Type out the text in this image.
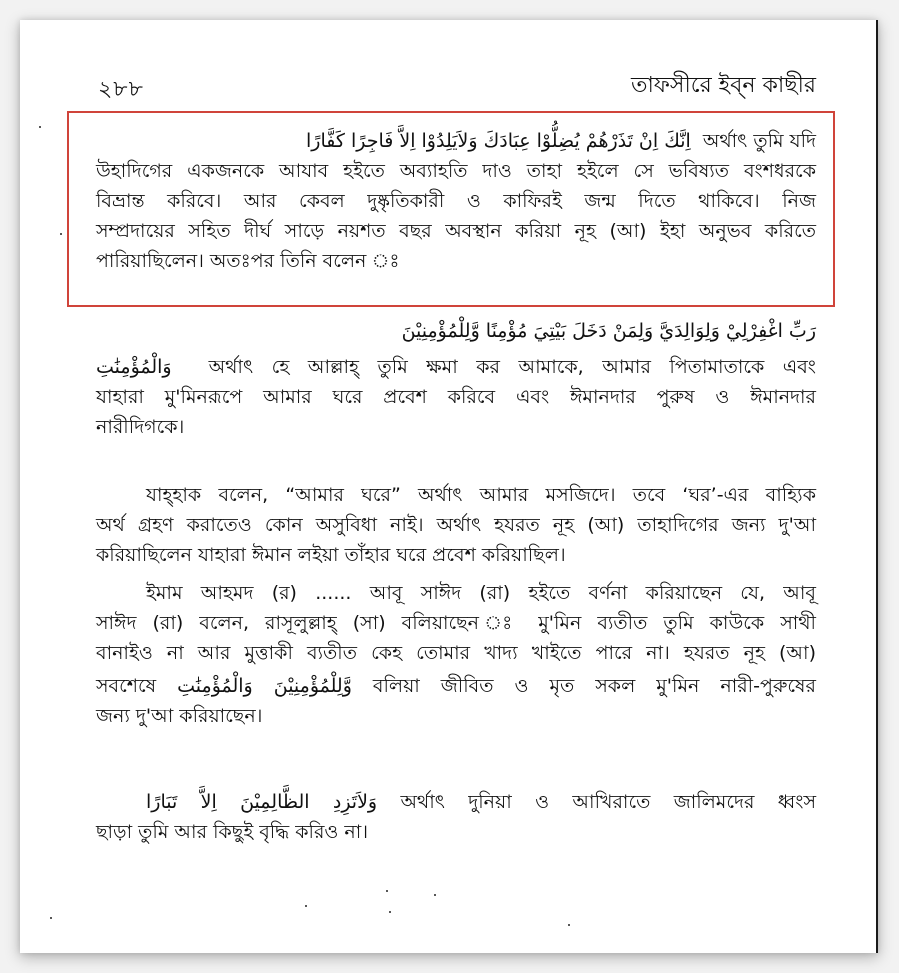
২৮৮	তাফসীরে ইব্ন কাছীর
اِنَّكَ اِنْ تَذَرْهُمْ يُضِلُّوْا عِبَادَكَ وَلاَيَلِدُوْا اِلاَّ فَاجِرًا كَفَّارًا অর্থাৎ তুমি যদি
উহাদিগের একজনকে আযাব হইতে অব্যাহতি দাও তাহা হইলে সে ভবিষ্যত বংশধরকে
বিভ্রান্ত করিবে। আর কেবল দুষ্কৃতিকারী ও কাফিরই জন্ম দিতে থাকিবে। নিজ
সম্প্রদায়ের সহিত দীর্ঘ সাড়ে নয়শত বছর অবস্থান করিয়া নূহ (আ) ইহা অনুভব করিতে
পারিয়াছিলেন। অতঃপর তিনি বলেন ঃ
رَبِّ اغْفِرْلِيْ وَلِوَالِدَيَّ وَلِمَنْ دَخَلَ بَيْتِيَ مُؤْمِنًا وَّلِلْمُؤْمِنِيْنَ
وَالْمُؤْمِنَٰتِ অর্থাৎ হে আল্লাহ্ তুমি ক্ষমা কর আমাকে, আমার পিতামাতাকে এবং
যাহারা মু'মিনরূপে আমার ঘরে প্রবেশ করিবে এবং ঈমানদার পুরুষ ও ঈমানদার
নারীদিগকে।
যাহ্হাক বলেন, “আমার ঘরে” অর্থাৎ আমার মসজিদে। তবে ‘ঘর’-এর বাহ্যিক
অর্থ গ্রহণ করাতেও কোন অসুবিধা নাই। অর্থাৎ হযরত নূহ (আ) তাহাদিগের জন্য দু'আ
করিয়াছিলেন যাহারা ঈমান লইয়া তাঁহার ঘরে প্রবেশ করিয়াছিল।
ইমাম আহমদ (র) ...... আবূ সাঈদ (রা) হইতে বর্ণনা করিয়াছেন যে, আবূ
সাঈদ (রা) বলেন, রাসূলুল্লাহ্ (সা) বলিয়াছেন ঃ মু'মিন ব্যতীত তুমি কাউকে সাথী
বানাইও না আর মুত্তাকী ব্যতীত কেহ তোমার খাদ্য খাইতে পারে না। হযরত নূহ (আ)
সবশেষে وَّلِلْمُؤْمِنِيْنَ وَالْمُؤْمِنَٰتِ বলিয়া জীবিত ও মৃত সকল মু'মিন নারী-পুরুষের
জন্য দু'আ করিয়াছেন।
وَلاَتَزِدِ الظَّالِمِيْنَ اِلاَّ تَبَارًا অর্থাৎ দুনিয়া ও আখিরাতে জালিমদের ধ্বংস
ছাড়া তুমি আর কিছুই বৃদ্ধি করিও না।
